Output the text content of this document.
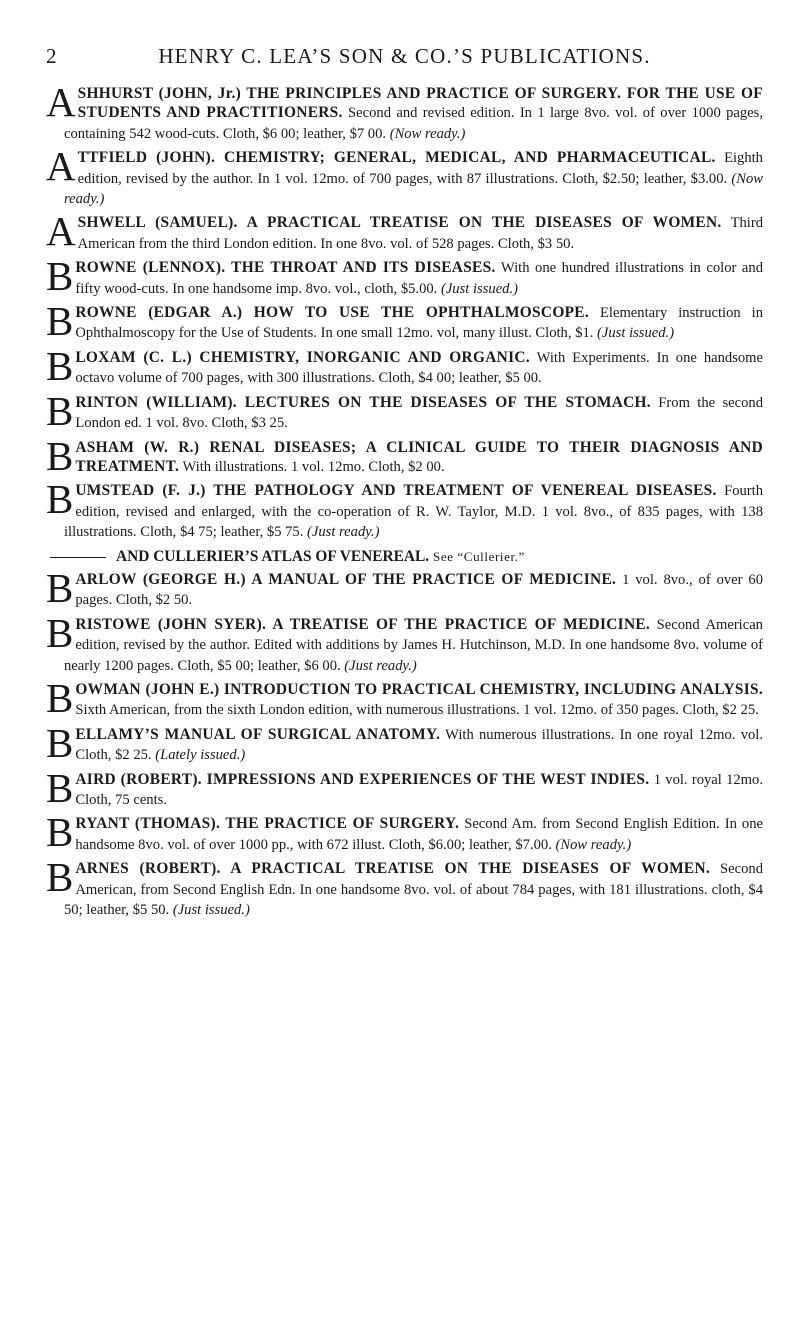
2	HENRY C. LEA’S SON & CO.’S PUBLICATIONS.

ASHHURST (JOHN, Jr.) THE PRINCIPLES AND PRACTICE OF SURGERY. FOR THE USE OF STUDENTS AND PRACTITIONERS. Second and revised edition. In 1 large 8vo. vol. of over 1000 pages, containing 542 wood-cuts. Cloth, $6 00; leather, $7 00. (Now ready.)

ATTFIELD (JOHN). CHEMISTRY; GENERAL, MEDICAL, AND PHARMACEUTICAL. Eighth edition, revised by the author. In 1 vol. 12mo. of 700 pages, with 87 illustrations. Cloth, $2.50; leather, $3.00. (Now ready.)

ASHWELL (SAMUEL). A PRACTICAL TREATISE ON THE DISEASES OF WOMEN. Third American from the third London edition. In one 8vo. vol. of 528 pages. Cloth, $3 50.

BROWNE (LENNOX). THE THROAT AND ITS DISEASES. With one hundred illustrations in color and fifty wood-cuts. In one handsome imp. 8vo. vol., cloth, $5.00. (Just issued.)

BROWNE (EDGAR A.) HOW TO USE THE OPHTHALMOSCOPE. Elementary instruction in Ophthalmoscopy for the Use of Students. In one small 12mo. vol, many illust. Cloth, $1. (Just issued.)

BLOXAM (C. L.) CHEMISTRY, INORGANIC AND ORGANIC. With Experiments. In one handsome octavo volume of 700 pages, with 300 illustrations. Cloth, $4 00; leather, $5 00.

BRINTON (WILLIAM). LECTURES ON THE DISEASES OF THE STOMACH. From the second London ed. 1 vol. 8vo. Cloth, $3 25.

BASHAM (W. R.) RENAL DISEASES; A CLINICAL GUIDE TO THEIR DIAGNOSIS AND TREATMENT. With illustrations. 1 vol. 12mo. Cloth, $2 00.

BUMSTEAD (F. J.) THE PATHOLOGY AND TREATMENT OF VENEREAL DISEASES. Fourth edition, revised and enlarged, with the co-operation of R. W. Taylor, M.D. 1 vol. 8vo., of 835 pages, with 138 illustrations. Cloth, $4 75; leather, $5 75. (Just ready.)

AND CULLERIER’S ATLAS OF VENEREAL. See “Cullerier.”

BARLOW (GEORGE H.) A MANUAL OF THE PRACTICE OF MEDICINE. 1 vol. 8vo., of over 60 pages. Cloth, $2 50.

BRISTOWE (JOHN SYER). A TREATISE OF THE PRACTICE OF MEDICINE. Second American edition, revised by the author. Edited with additions by James H. Hutchinson, M.D. In one handsome 8vo. volume of nearly 1200 pages. Cloth, $5 00; leather, $6 00. (Just ready.)

BOWMAN (JOHN E.) INTRODUCTION TO PRACTICAL CHEMISTRY, INCLUDING ANALYSIS. Sixth American, from the sixth London edition, with numerous illustrations. 1 vol. 12mo. of 350 pages. Cloth, $2 25.

BELLAMY’S MANUAL OF SURGICAL ANATOMY. With numerous illustrations. In one royal 12mo. vol. Cloth, $2 25. (Lately issued.)

BAIRD (ROBERT). IMPRESSIONS AND EXPERIENCES OF THE WEST INDIES. 1 vol. royal 12mo. Cloth, 75 cents.

BRYANT (THOMAS). THE PRACTICE OF SURGERY. Second Am. from Second English Edition. In one handsome 8vo. vol. of over 1000 pp., with 672 illust. Cloth, $6.00; leather, $7.00. (Now ready.)

BARNES (ROBERT). A PRACTICAL TREATISE ON THE DISEASES OF WOMEN. Second American, from Second English Edn. In one handsome 8vo. vol. of about 784 pages, with 181 illustrations. cloth, $4 50; leather, $5 50. (Just issued.)
